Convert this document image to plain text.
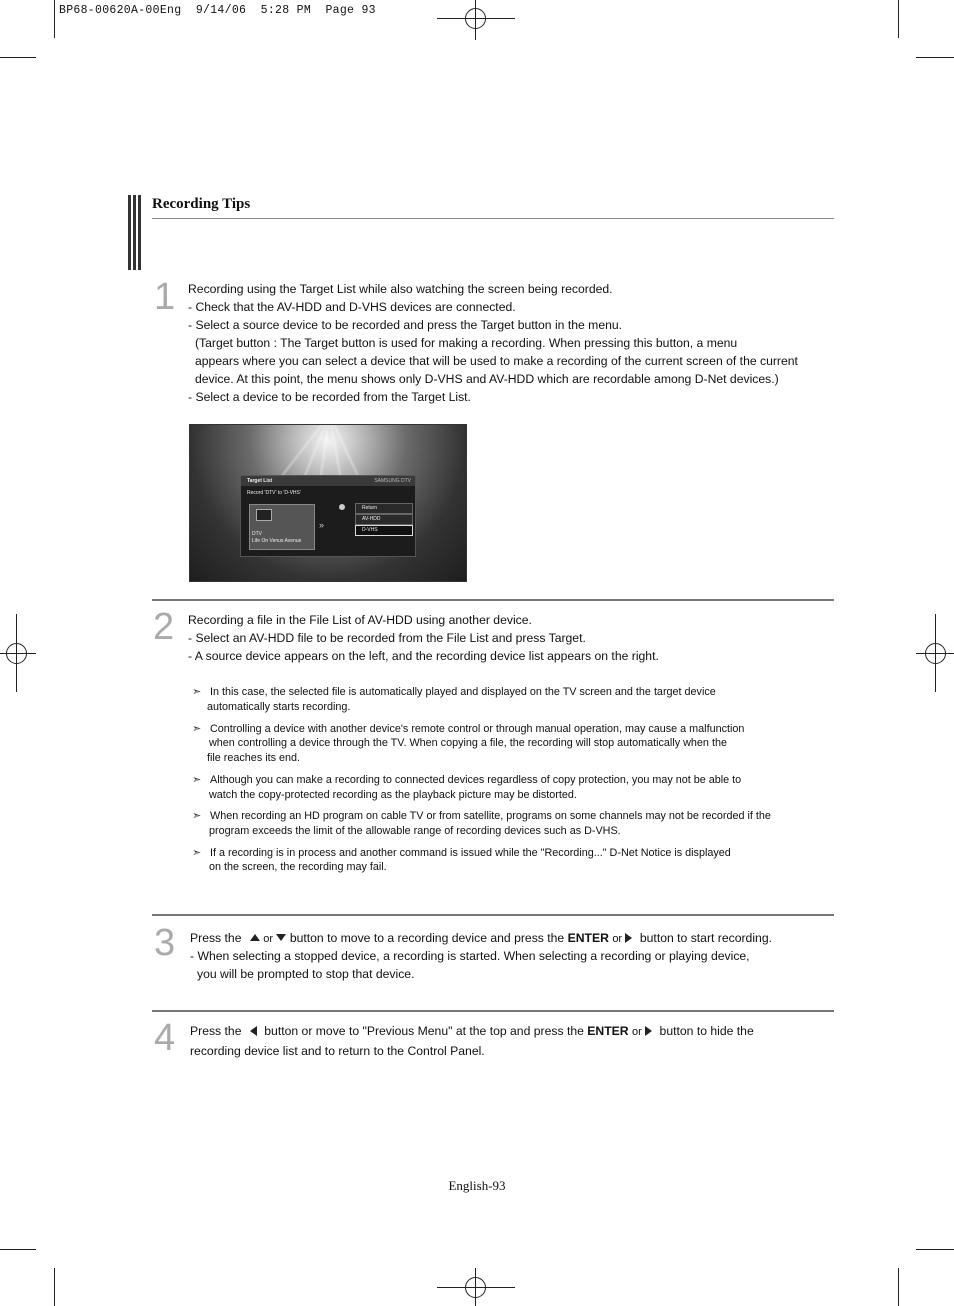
BP68-00620A-00Eng  9/14/06  5:28 PM  Page 93
Recording Tips
1 Recording using the Target List while also watching the screen being recorded.
- Check that the AV-HDD and D-VHS devices are connected.
- Select a source device to be recorded and press the Target button in the menu.
(Target button : The Target button is used for making a recording. When pressing this button, a menu
appears where you can select a device that will be used to make a recording of the current screen of the current
device. At this point, the menu shows only D-VHS and AV-HDD which are recordable among D-Net devices.)
- Select a device to be recorded from the Target List.
Target List	SAMSUNG DTV
Record 'DTV' to 'D-VHS'
DTV
Life On Venus Avenue
»
Return
AV-HDD
D-VHS
2 Recording a file in the File List of AV-HDD using another device.
- Select an AV-HDD file to be recorded from the File List and press Target.
- A source device appears on the left, and the recording device list appears on the right.
➣ In this case, the selected file is automatically played and displayed on the TV screen and the target device
automatically starts recording.
➣ Controlling a device with another device's remote control or through manual operation, may cause a malfunction
when controlling a device through the TV. When copying a file, the recording will stop automatically when the
file reaches its end.
➣ Although you can make a recording to connected devices regardless of copy protection, you may not be able to
watch the copy-protected recording as the playback picture may be distorted.
➣ When recording an HD program on cable TV or from satellite, programs on some channels may not be recorded if the
program exceeds the limit of the allowable range of recording devices such as D-VHS.
➣ If a recording is in process and another command is issued while the "Recording..." D-Net Notice is displayed
on the screen, the recording may fail.
3 Press the or button to move to a recording device and press the ENTER or button to start recording.
- When selecting a stopped device, a recording is started. When selecting a recording or playing device,
you will be prompted to stop that device.
4 Press the button or move to "Previous Menu" at the top and press the ENTER or button to hide the
recording device list and to return to the Control Panel.
English-93
